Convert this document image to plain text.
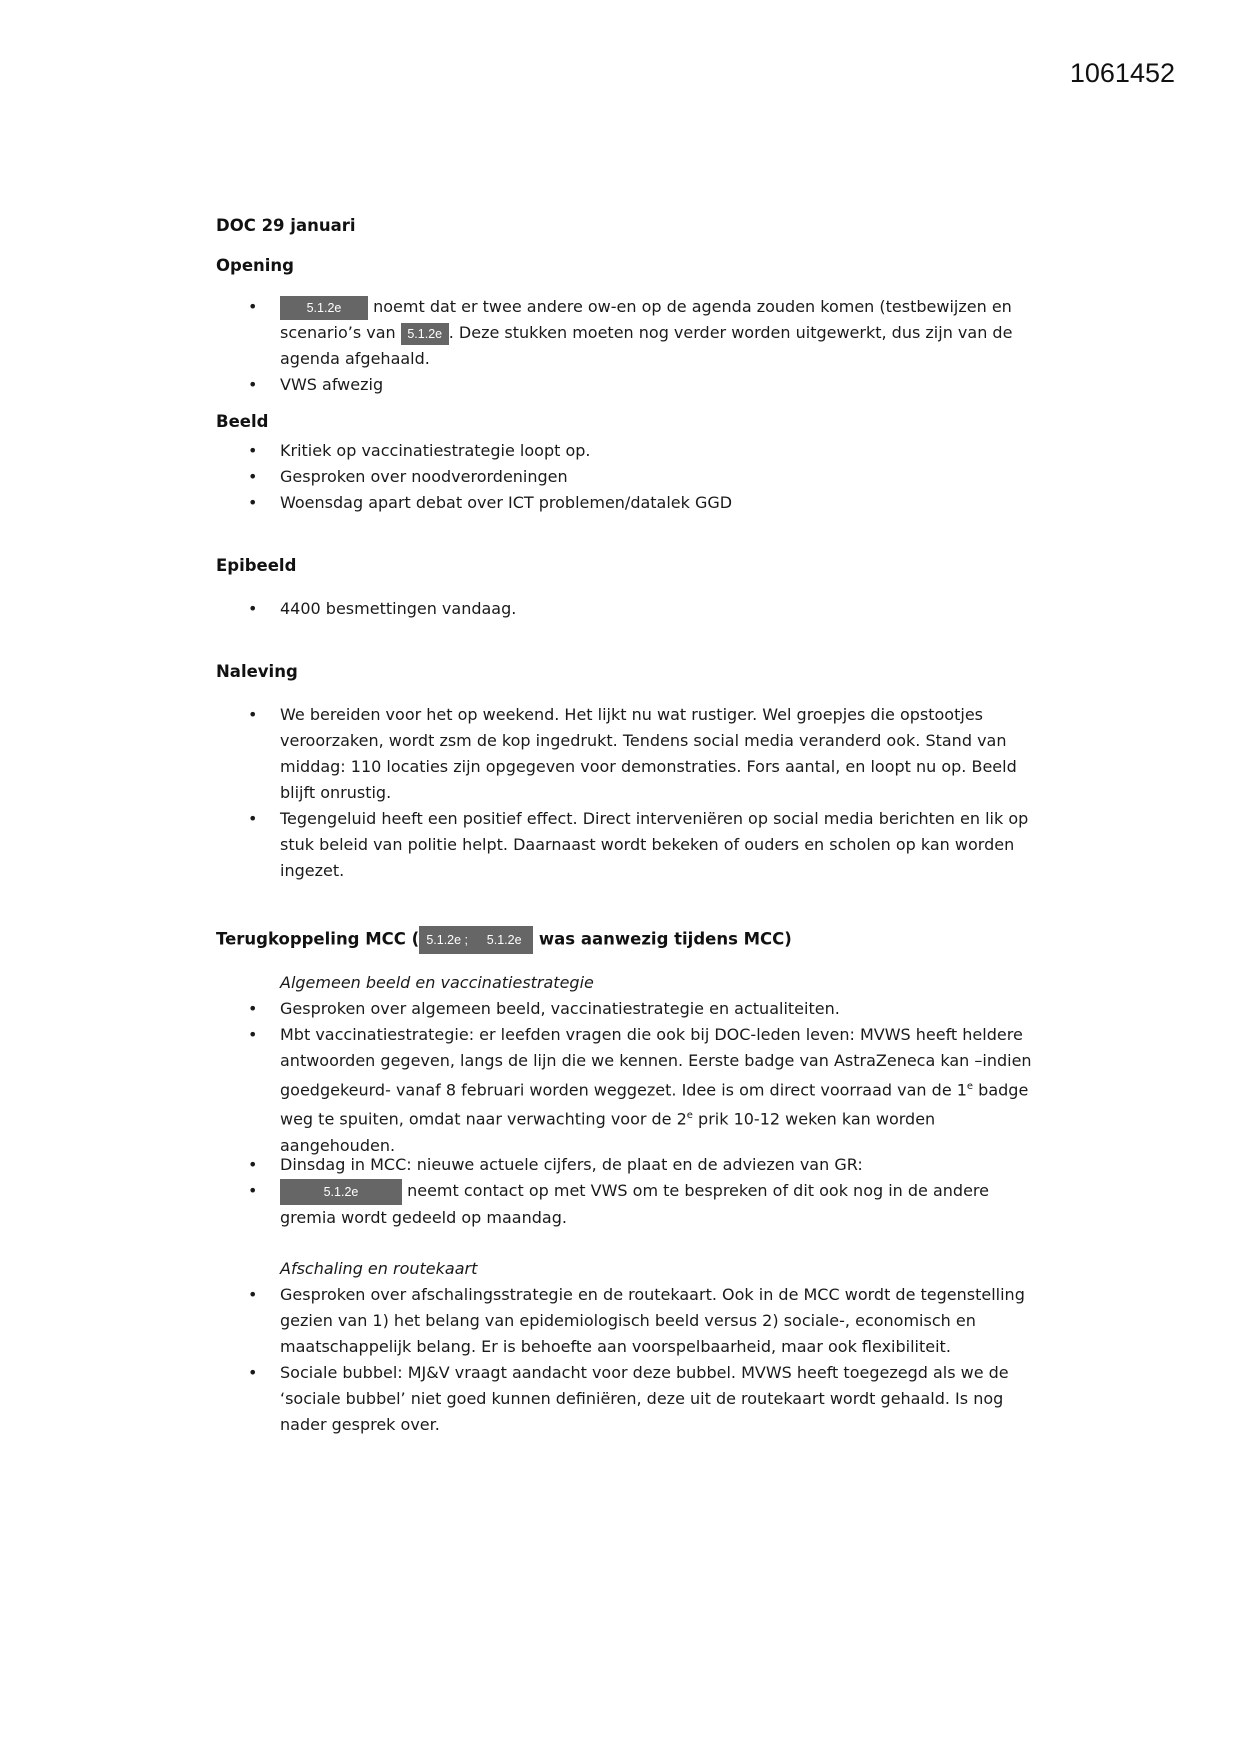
1061452
DOC 29 januari
Opening
• 5.1.2e noemt dat er twee andere ow-en op de agenda zouden komen (testbewijzen en
scenario’s van 5.1.2e . Deze stukken moeten nog verder worden uitgewerkt, dus zijn van de
agenda afgehaald.
• VWS afwezig
Beeld
• Kritiek op vaccinatiestrategie loopt op.
• Gesproken over noodverordeningen
• Woensdag apart debat over ICT problemen/datalek GGD
Epibeeld
• 4400 besmettingen vandaag.
Naleving
• We bereiden voor het op weekend. Het lijkt nu wat rustiger. Wel groepjes die opstootjes
veroorzaken, wordt zsm de kop ingedrukt. Tendens social media veranderd ook. Stand van
middag: 110 locaties zijn opgegeven voor demonstraties. Fors aantal, en loopt nu op. Beeld
blijft onrustig.
• Tegengeluid heeft een positief effect. Direct interveniëren op social media berichten en lik op
stuk beleid van politie helpt. Daarnaast wordt bekeken of ouders en scholen op kan worden
ingezet.
Terugkoppeling MCC ( 5.1.2e ; 5.1.2e was aanwezig tijdens MCC)
Algemeen beeld en vaccinatiestrategie
• Gesproken over algemeen beeld, vaccinatiestrategie en actualiteiten.
• Mbt vaccinatiestrategie: er leefden vragen die ook bij DOC-leden leven: MVWS heeft heldere
antwoorden gegeven, langs de lijn die we kennen. Eerste badge van AstraZeneca kan –indien
goedgekeurd- vanaf 8 februari worden weggezet. Idee is om direct voorraad van de 1e badge
weg te spuiten, omdat naar verwachting voor de 2e prik 10-12 weken kan worden
aangehouden.
• Dinsdag in MCC: nieuwe actuele cijfers, de plaat en de adviezen van GR:
• 5.1.2e	neemt contact op met VWS om te bespreken of dit ook nog in de andere
gremia wordt gedeeld op maandag.
Afschaling en routekaart
• Gesproken over afschalingsstrategie en de routekaart. Ook in de MCC wordt de tegenstelling
gezien van 1) het belang van epidemiologisch beeld versus 2) sociale-, economisch en
maatschappelijk belang. Er is behoefte aan voorspelbaarheid, maar ook flexibiliteit.
• Sociale bubbel: MJ&V vraagt aandacht voor deze bubbel. MVWS heeft toegezegd als we de
‘sociale bubbel’ niet goed kunnen definiëren, deze uit de routekaart wordt gehaald. Is nog
nader gesprek over.
